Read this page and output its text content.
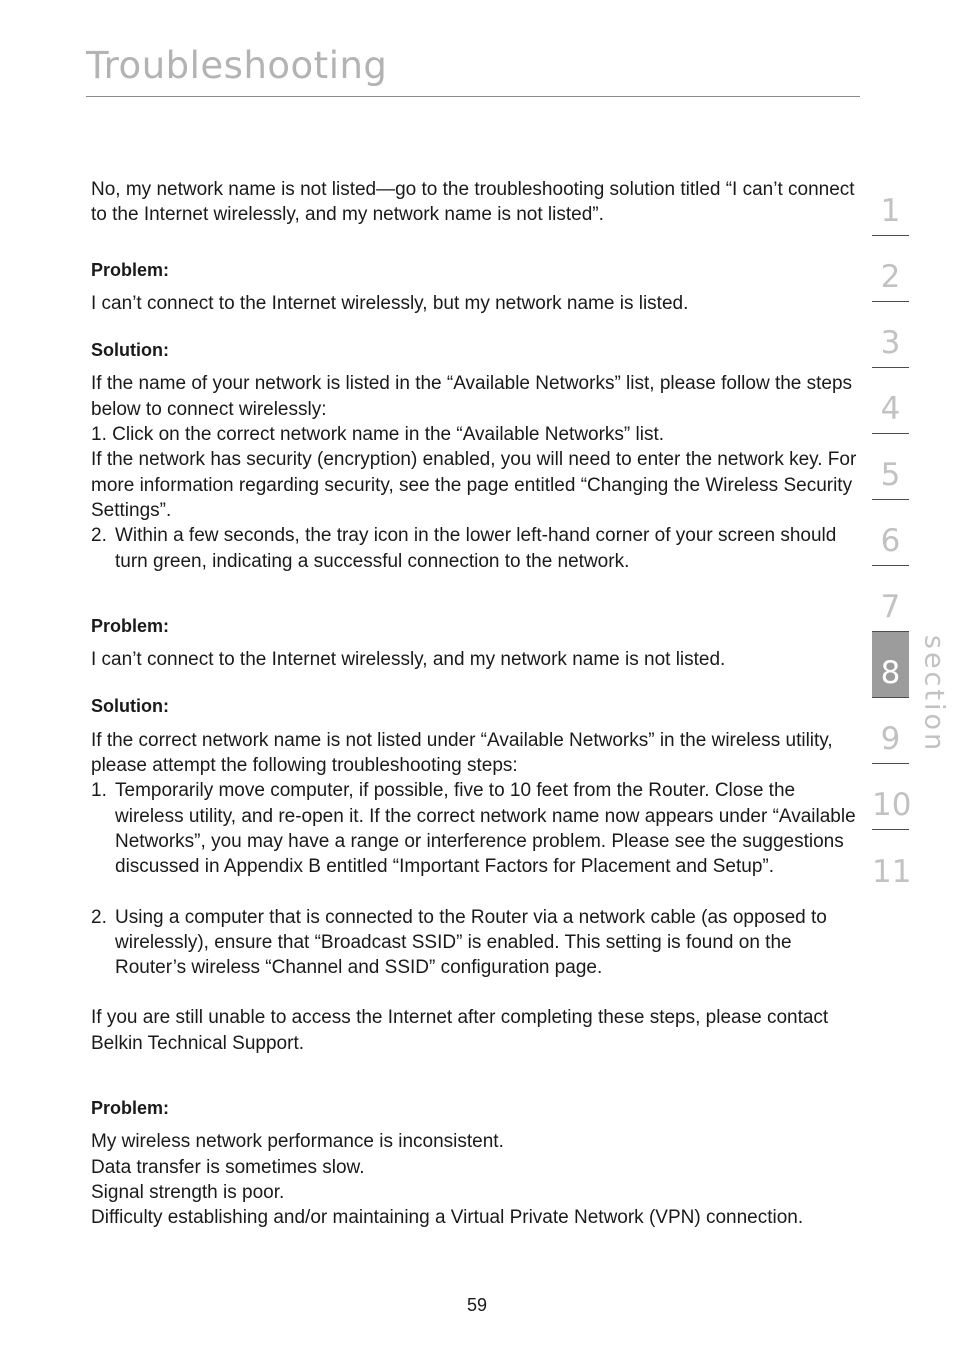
Troubleshooting

No, my network name is not listed—go to the troubleshooting solution titled “I can’t connect to the Internet wirelessly, and my network name is not listed”.

Problem:

I can’t connect to the Internet wirelessly, but my network name is listed.

Solution:

If the name of your network is listed in the “Available Networks” list, please follow the steps below to connect wirelessly:

1. Click on the correct network name in the “Available Networks” list.

If the network has security (encryption) enabled, you will need to enter the network key. For more information regarding security, see the page entitled “Changing the Wireless Security Settings”.

2. Within a few seconds, the tray icon in the lower left-hand corner of your screen should turn green, indicating a successful connection to the network.

Problem:

I can’t connect to the Internet wirelessly, and my network name is not listed.

Solution:

If the correct network name is not listed under “Available Networks” in the wireless utility, please attempt the following troubleshooting steps:

1. Temporarily move computer, if possible, five to 10 feet from the Router. Close the wireless utility, and re-open it. If the correct network name now appears under “Available Networks”, you may have a range or interference problem. Please see the suggestions discussed in Appendix B entitled “Important Factors for Placement and Setup”.
2. Using a computer that is connected to the Router via a network cable (as opposed to wirelessly), ensure that “Broadcast SSID” is enabled. This setting is found on the Router’s wireless “Channel and SSID” configuration page.

If you are still unable to access the Internet after completing these steps, please contact Belkin Technical Support.

Problem:

My wireless network performance is inconsistent.

Data transfer is sometimes slow.

Signal strength is poor.

Difficulty establishing and/or maintaining a Virtual Private Network (VPN) connection.

1
2
3
4
5
6
7
8
9
10
11
section
59
